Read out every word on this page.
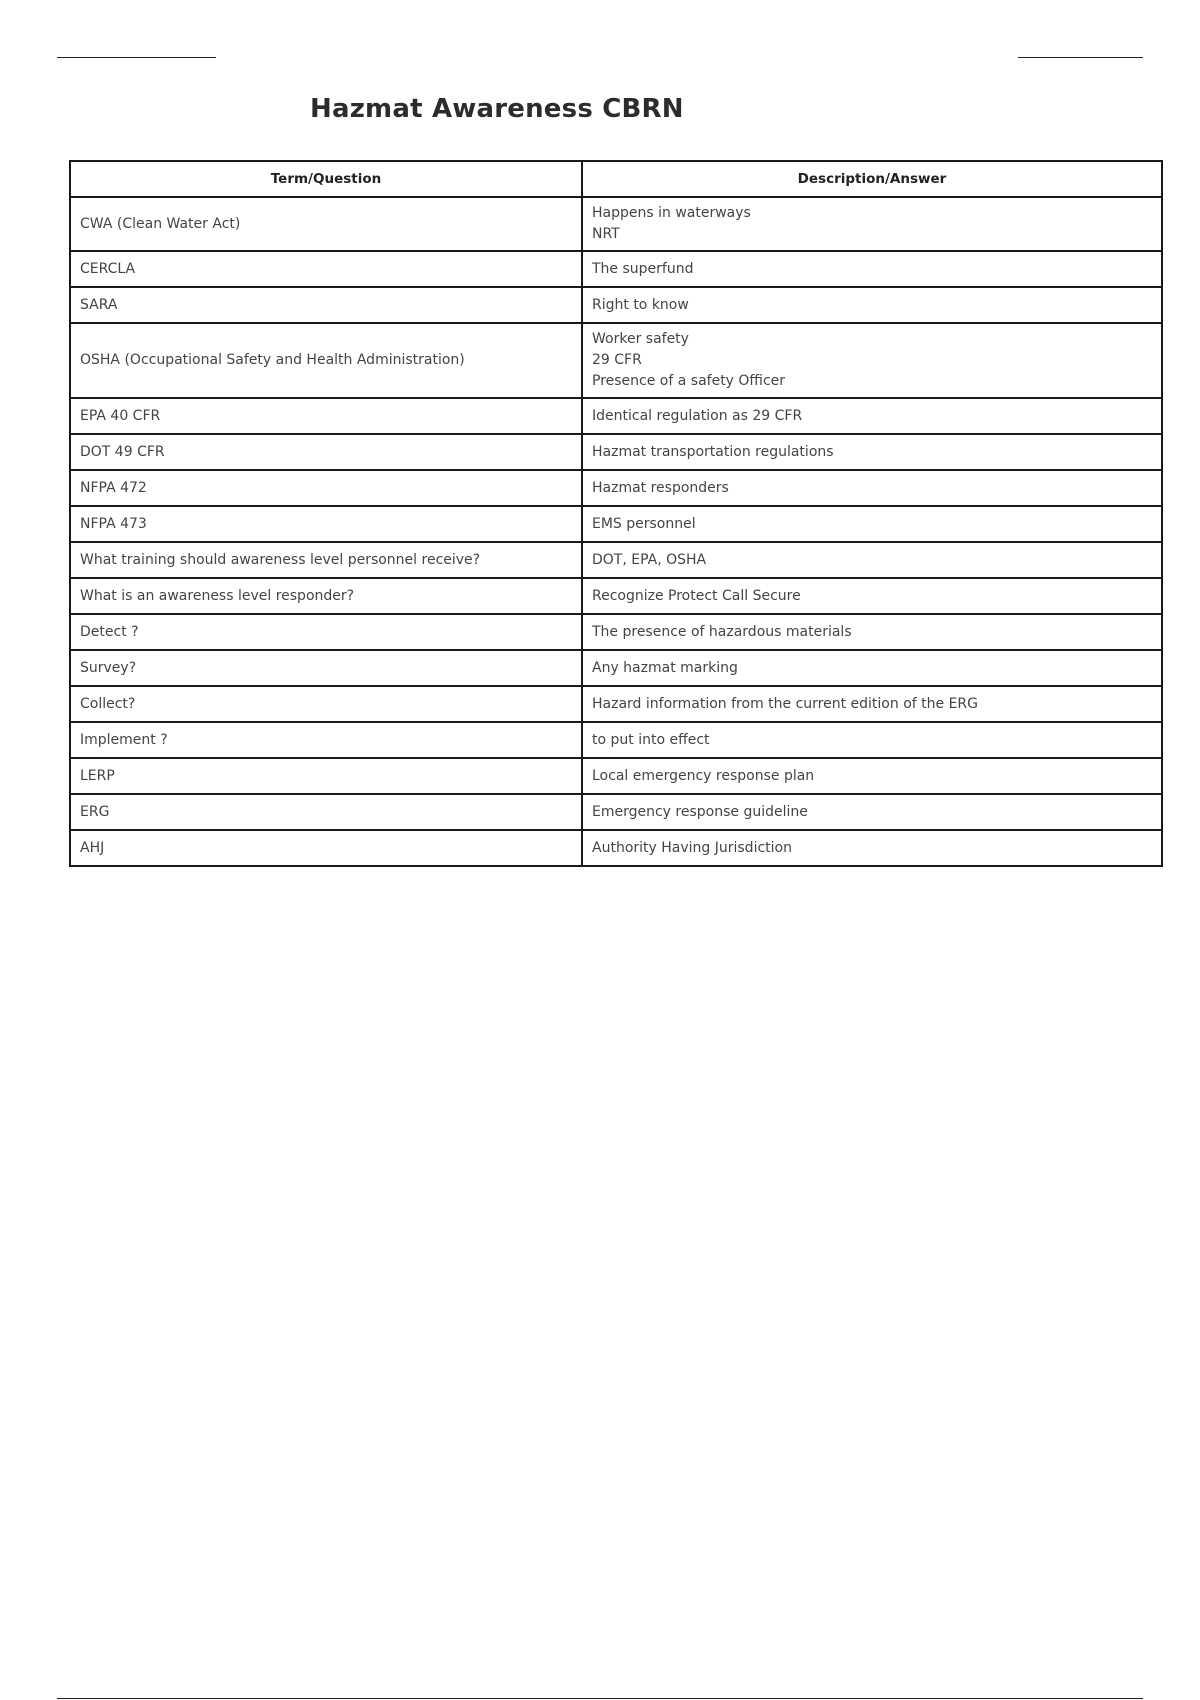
Hazmat Awareness CBRN
Term/Question	Description/Answer
CWA (Clean Water Act)	Happens in waterways
NRT

CERCLA	The superfund

SARA	Right to know

OSHA (Occupational Safety and Health Administration)	Worker safety
29 CFR
Presence of a safety Officer

EPA 40 CFR	Identical regulation as 29 CFR

DOT 49 CFR	Hazmat transportation regulations

NFPA 472	Hazmat responders

NFPA 473	EMS personnel

What training should awareness level personnel receive?	DOT, EPA, OSHA

What is an awareness level responder?	Recognize Protect Call Secure

Detect ?	The presence of hazardous materials

Survey?	Any hazmat marking

Collect?	Hazard information from the current edition of the ERG

Implement ?	to put into effect

LERP	Local emergency response plan

ERG	Emergency response guideline

AHJ	Authority Having Jurisdiction
